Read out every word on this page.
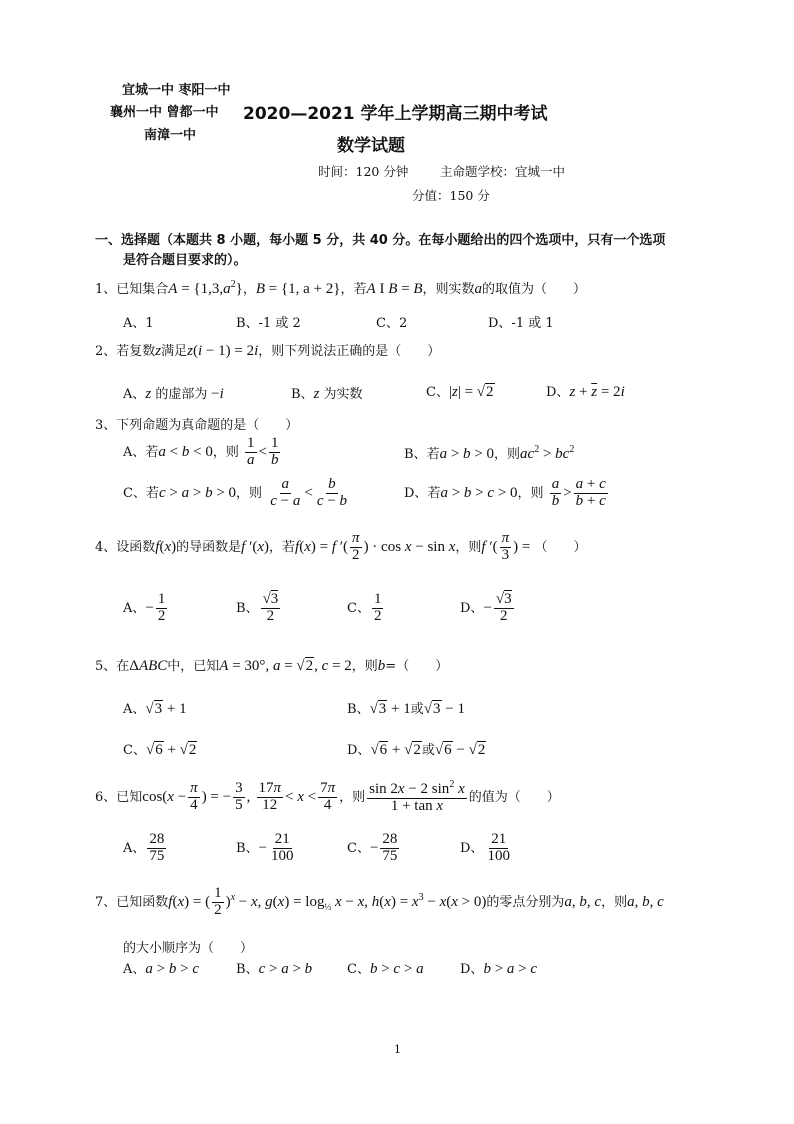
宜城一中 枣阳一中
襄州一中 曾都一中
南漳一中
2020—2021 学年上学期高三期中考试
数学试题
时间：120 分钟	主命题学校：宜城一中
分值：150 分
一、选择题（本题共 8 小题，每小题 5 分，共 40 分。在每小题给出的四个选项中，只有一个选项
是符合题目要求的）。
1、已知集合$A = \{1,3,a^2\}$，B = {1, a + 2}，若A I B = B，则实数a的取值为（　　）
A、1	B、-1 或 2	C、2	D、-1 或 1
2、若复数z满足z(i − 1) = 2i，则下列说法正确的是（　　）
A、z 的虚部为 −i	B、z 为实数	C、|z| = √2	D、$z + \overline{z} = 2i$
3、下列命题为真命题的是（　　）
A、若a < b < 0，则 $\frac{1}{a} < \frac{1}{b}$	B、若a > b > 0，则$ac^2 > bc^2$
C、若c > a > b > 0，则 $\frac{a}{c - a} < \frac{b}{c - b}$	D、若a > b > c > 0，则 $\frac{a}{b} > \frac{a + c}{b + c}$
4、设函数f(x)的导函数是f ′(x)，若f(x) = f ′( $\frac{\pi}{2}$ ) · cos x − sin x，则f ′( $\frac{\pi}{3}$ ) = （　　）
A、− $\frac{1}{2}$	B、 $\frac{√3}{2}$	C、 $\frac{1}{2}$	D、− $\frac{√3}{2}$
5、在ΔABC中，已知A = 30°, a = √2, c = 2，则b=（　　）
A、√3 + 1	B、√3 + 1或√3 − 1
C、√6 + √2	D、√6 + √2或√6 − √2
6、已知$\cos(x - \frac{\pi}{4}$ ) = − $\frac{3}{5}$ , $\frac{17\pi}{12} < x < \frac{7\pi}{4}$ ，则 $\frac{\sin 2x - 2 \sin^2 x}{\text{1 + tan x}}$ 的值为（　　）
A、 $\frac{28}{75}$	B、− $\frac{21}{100}$	C、− $\frac{28}{75}$	D、 $\frac{21}{100}$
7、已知函数f(x) = ( $\frac{1}{2} )^x - x$, $g(x) = \log_{\frac{1}{3}} x - x$, $h(x) = x^3 - x(x > 0)$的零点分别为a, b, c，则a, b, c
的大小顺序为（　　）
A、a > b > c	B、c > a > b	C、b > c > a	D、b > a > c
1
